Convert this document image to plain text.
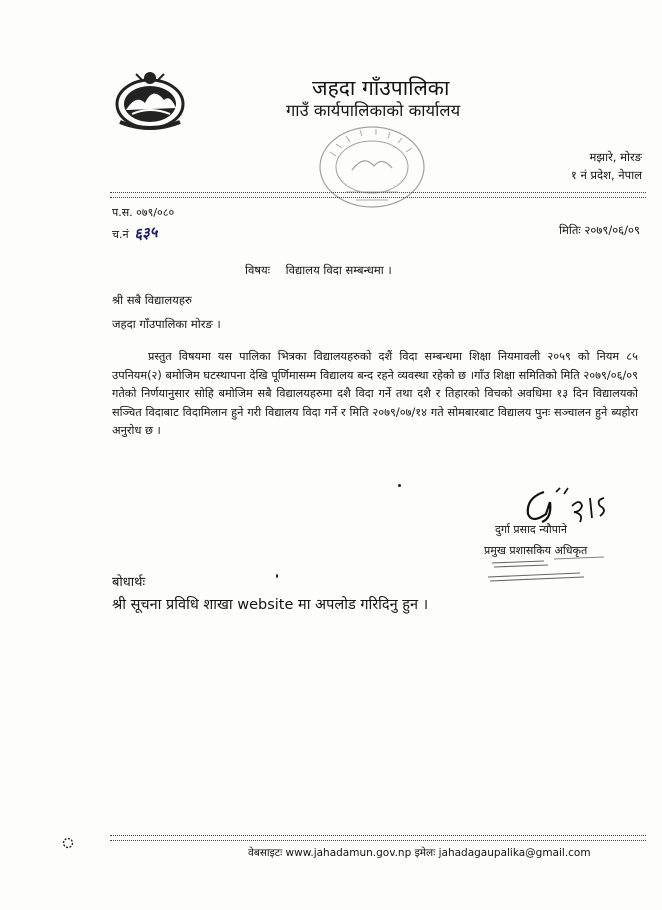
जहदा गाँउपालिका
गाउँ कार्यपालिकाको कार्यालय
मझारे, मोरङ
१ नं प्रदेश, नेपाल
प.स. ०७९/०८०
च.नं ६३५	मितिः २०७९/०६/०९
विषयः विद्यालय विदा सम्बन्धमा ।
श्री सबै विद्यालयहरु
जहदा गाँउपालिका मोरङ ।
प्रस्तुत विषयमा यस पालिका भित्रका विद्यालयहरुको दशैं विदा सम्बन्धमा शिक्षा नियमावली २०५९ को नियम ८५ उपनियम(२) बमोजिम घटस्थापना देखि पूर्णिमासम्म विद्यालय बन्द रहने व्यवस्था रहेको छ ।गाँउ शिक्षा समितिको मिति २०७९/०६/०९ गतेको निर्णयानुसार सोहि बमोजिम सबै विद्यालयहरुमा दशै विदा गर्ने तथा दशै र तिहारको विचको अवधिमा १३ दिन विद्यालयको सञ्चित विदाबाट विदामिलान हुने गरी विद्यालय विदा गर्ने र मिति २०७९/०७/१४ गते सोमबारबाट विद्यालय पुनः सञ्चालन हुने ब्यहोरा अनुरोध छ ।
दुर्गा प्रसाद न्यौपाने
प्रमुख प्रशासकिय अधिकृत
बोधार्थः
श्री सूचना प्रविधि शाखा website मा अपलोड गरिदिनु हुन ।
वेबसाइटः www.jahadamun.gov.np इमेलः jahadagaupalika@gmail.com
